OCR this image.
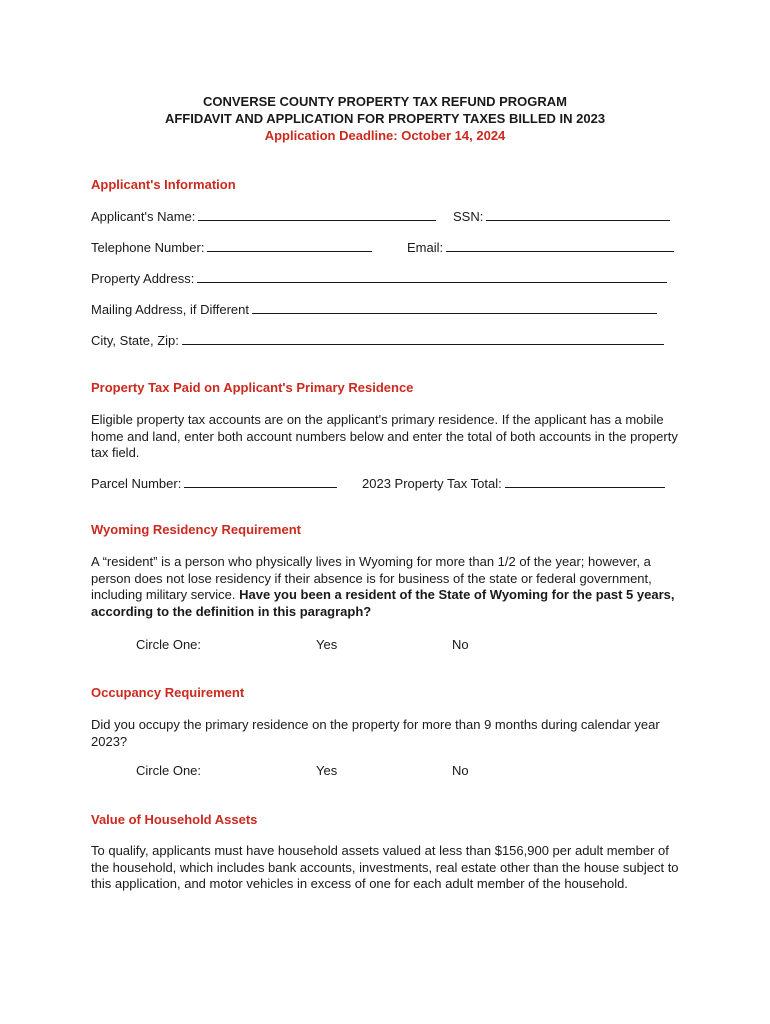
CONVERSE COUNTY PROPERTY TAX REFUND PROGRAM
AFFIDAVIT AND APPLICATION FOR PROPERTY TAXES BILLED IN 2023
Application Deadline: October 14, 2024
Applicant's Information
Applicant's Name:	SSN:
Telephone Number:	Email:
Property Address:
Mailing Address, if Different
City, State, Zip:
Property Tax Paid on Applicant's Primary Residence
Eligible property tax accounts are on the applicant's primary residence. If the applicant has a mobile home and land, enter both account numbers below and enter the total of both accounts in the property tax field.
Parcel Number:	2023 Property Tax Total:
Wyoming Residency Requirement
A “resident” is a person who physically lives in Wyoming for more than 1/2 of the year; however, a person does not lose residency if their absence is for business of the state or federal government, including military service. Have you been a resident of the State of Wyoming for the past 5 years, according to the definition in this paragraph?
Circle One:	Yes	No
Occupancy Requirement
Did you occupy the primary residence on the property for more than 9 months during calendar year 2023?
Circle One:	Yes	No
Value of Household Assets
To qualify, applicants must have household assets valued at less than $156,900 per adult member of the household, which includes bank accounts, investments, real estate other than the house subject to this application, and motor vehicles in excess of one for each adult member of the household.
